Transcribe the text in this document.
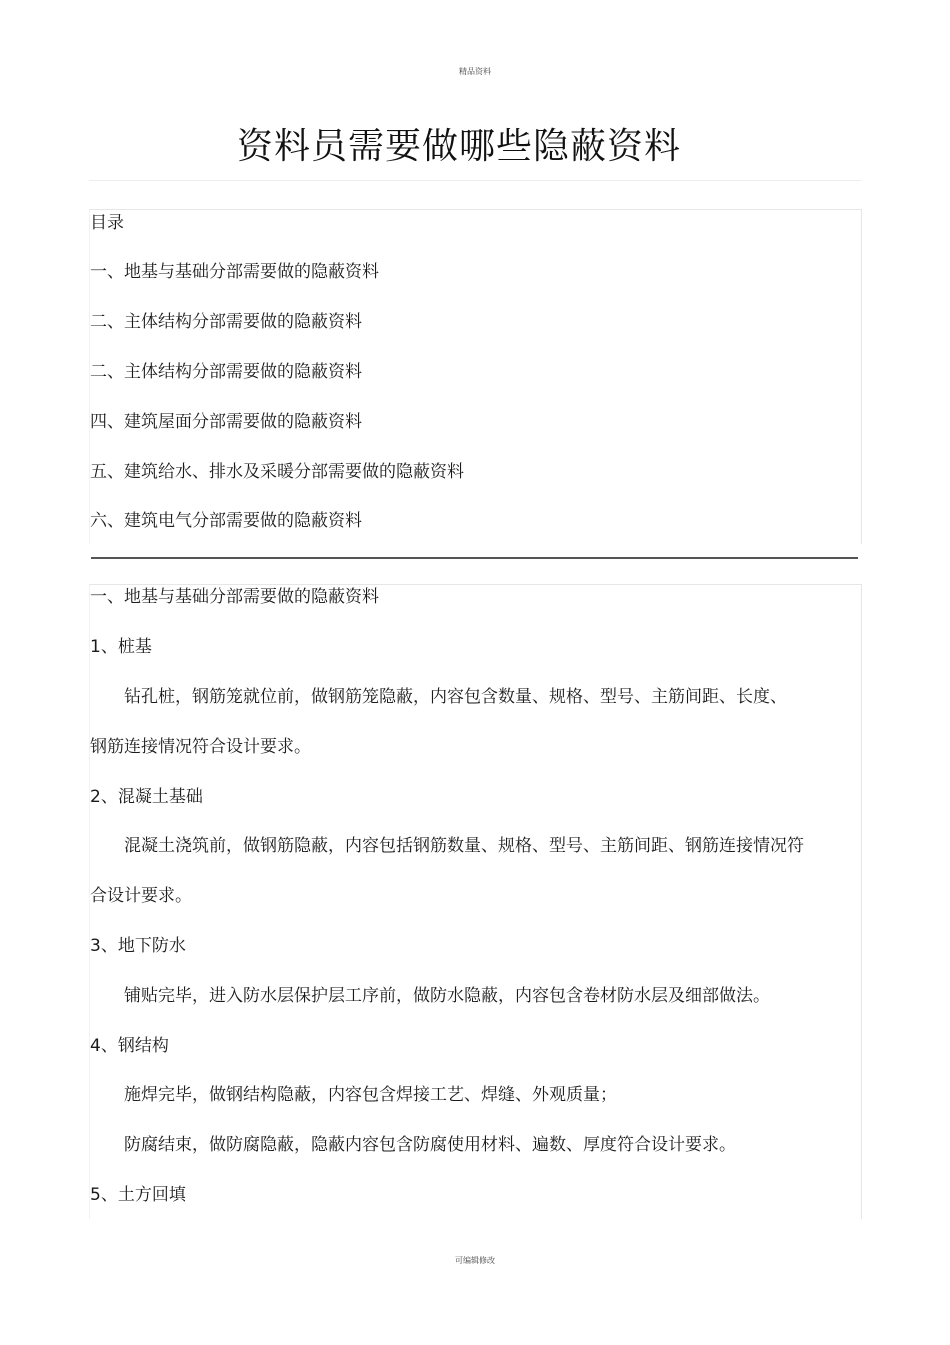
精品资料
资料员需要做哪些隐蔽资料
目录
一、地基与基础分部需要做的隐蔽资料
二、主体结构分部需要做的隐蔽资料
二、主体结构分部需要做的隐蔽资料
四、建筑屋面分部需要做的隐蔽资料
五、建筑给水、排水及采暖分部需要做的隐蔽资料
六、建筑电气分部需要做的隐蔽资料
一、地基与基础分部需要做的隐蔽资料
1、桩基
钻孔桩，钢筋笼就位前，做钢筋笼隐蔽，内容包含数量、规格、型号、主筋间距、长度、
钢筋连接情况符合设计要求。
2、混凝土基础
混凝土浇筑前，做钢筋隐蔽，内容包括钢筋数量、规格、型号、主筋间距、钢筋连接情况符
合设计要求。
3、地下防水
铺贴完毕，进入防水层保护层工序前，做防水隐蔽，内容包含卷材防水层及细部做法。
4、钢结构
施焊完毕，做钢结构隐蔽，内容包含焊接工艺、焊缝、外观质量；
防腐结束，做防腐隐蔽，隐蔽内容包含防腐使用材料、遍数、厚度符合设计要求。
5、土方回填
可编辑修改
